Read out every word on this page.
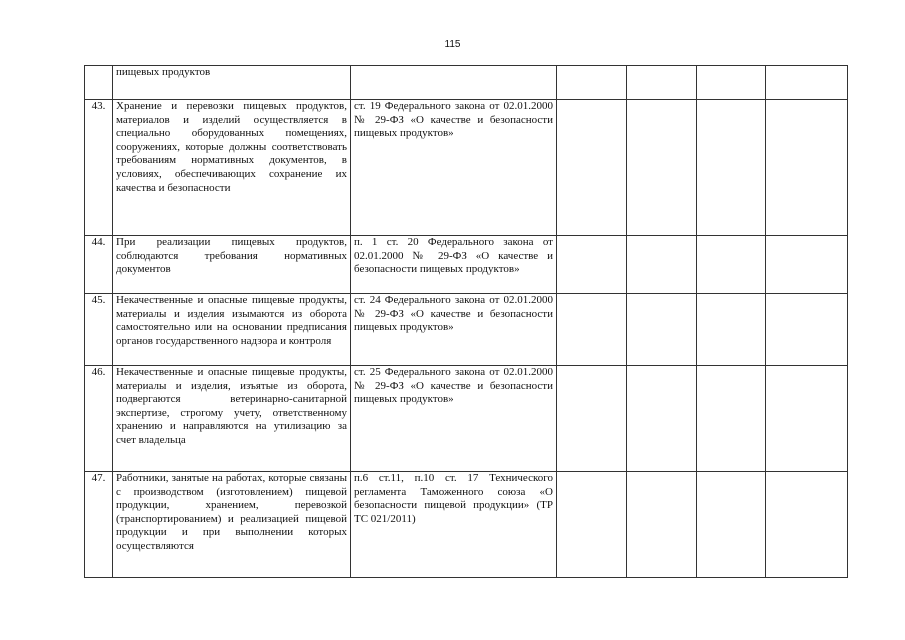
115
	пищевых продуктов					
43.	Хранение и перевозки пищевых продуктов, материалов и изделий осуществляется в специально оборудованных помещениях, сооружениях, которые должны соответствовать требованиям нормативных документов, в условиях, обеспечивающих сохранение их качества и безопасности	ст. 19 Федерального закона от 02.01.2000 № 29-ФЗ «О качестве и безопасности пищевых продуктов»				
44.	При реализации пищевых продуктов, соблюдаются требования нормативных документов	п. 1 ст. 20 Федерального закона от 02.01.2000 № 29-ФЗ «О качестве и безопасности пищевых продуктов»				
45.	Некачественные и опасные пищевые продукты, материалы и изделия изымаются из оборота самостоятельно или на основании предписания органов государственного надзора и контроля	ст. 24 Федерального закона от 02.01.2000 № 29-ФЗ «О качестве и безопасности пищевых продуктов»				
46.	Некачественные и опасные пищевые продукты, материалы и изделия, изъятые из оборота, подвергаются ветеринарно-санитарной экспертизе, строгому учету, ответственному хранению и направляются на утилизацию за счет владельца	ст. 25 Федерального закона от 02.01.2000 № 29-ФЗ «О качестве и безопасности пищевых продуктов»				
47.	Работники, занятые на работах, которые связаны с производством (изготовлением) пищевой продукции, хранением, перевозкой (транспортированием) и реализацией пищевой продукции и при выполнении которых осуществляются	п.6 ст.11, п.10 ст. 17 Технического регламента Таможенного союза «О безопасности пищевой продукции» (ТР ТС 021/2011)				
